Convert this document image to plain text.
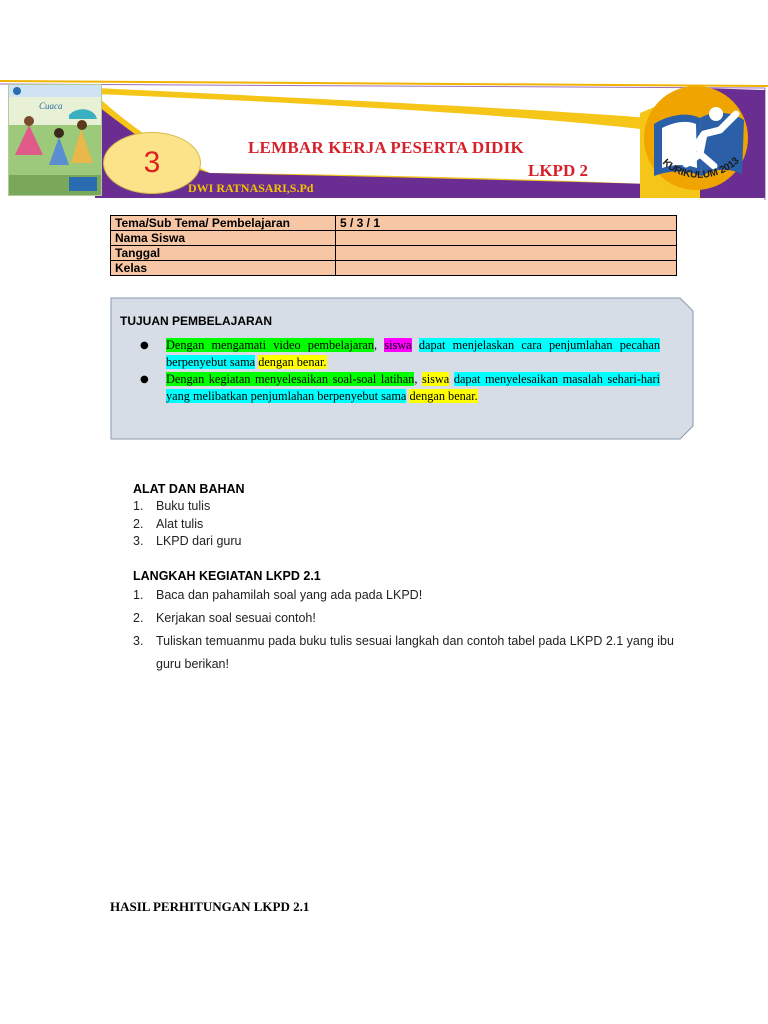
Cuaca
3	LEMBAR KERJA PESERTA DIDIK
LKPD 2
DWI RATNASARI,S.Pd
KURIKULUM 2013
Tema/Sub Tema/ Pembelajaran	5 / 3 / 1
Nama Siswa	
Tanggal	
Kelas	
TUJUAN PEMBELAJARAN
● Dengan mengamati video pembelajaran, siswa dapat menjelaskan cara penjumlahan pecahan berpenyebut sama dengan benar.
● Dengan kegiatan menyelesaikan soal-soal latihan, siswa dapat menyelesaikan masalah sehari-hari yang melibatkan penjumlahan berpenyebut sama dengan benar.
ALAT DAN BAHAN
1. Buku tulis
2. Alat tulis
3. LKPD dari guru
LANGKAH KEGIATAN LKPD 2.1
1. Baca dan pahamilah soal yang ada pada LKPD!
2. Kerjakan soal sesuai contoh!
3. Tuliskan temuanmu pada buku tulis sesuai langkah dan contoh tabel pada LKPD 2.1 yang ibu guru berikan!
HASIL PERHITUNGAN LKPD 2.1
